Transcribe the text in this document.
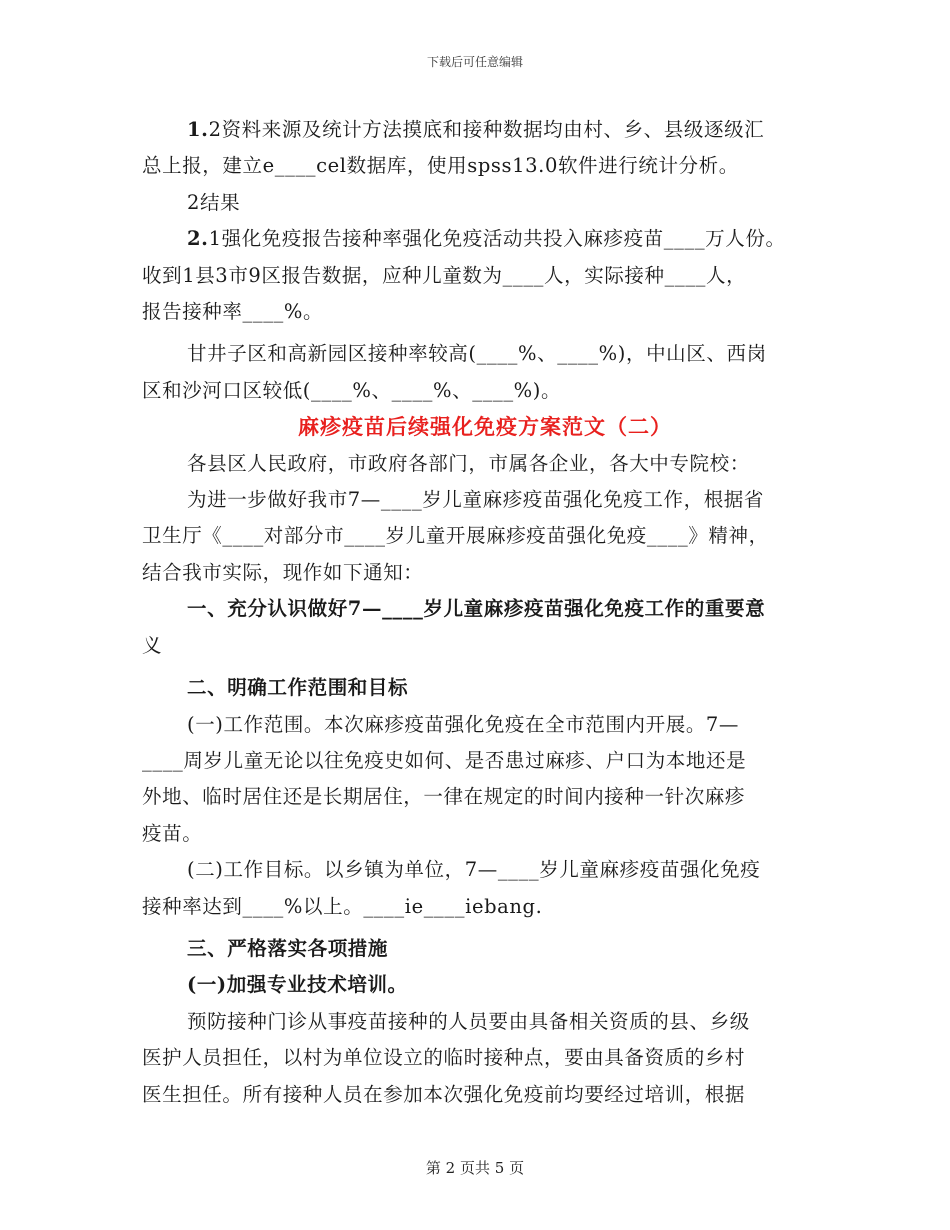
下载后可任意编辑

1.2资料来源及统计方法摸底和接种数据均由村、乡、县级逐级汇

总上报，建立e____cel数据库，使用spss13.0软件进行统计分析。

2结果

2.1强化免疫报告接种率强化免疫活动共投入麻疹疫苗____万人份。

收到1县3市9区报告数据，应种儿童数为____人，实际接种____人，

报告接种率____%。

甘井子区和高新园区接种率较高(____%、____%)，中山区、西岗

区和沙河口区较低(____%、____%、____%)。

麻疹疫苗后续强化免疫方案范文（二）

各县区人民政府，市政府各部门，市属各企业，各大中专院校：

为进一步做好我市7—____岁儿童麻疹疫苗强化免疫工作，根据省

卫生厅《____对部分市____岁儿童开展麻疹疫苗强化免疫____》精神，

结合我市实际，现作如下通知：

一、充分认识做好7—____岁儿童麻疹疫苗强化免疫工作的重要意

义

二、明确工作范围和目标

(一)工作范围。本次麻疹疫苗强化免疫在全市范围内开展。7—

____周岁儿童无论以往免疫史如何、是否患过麻疹、户口为本地还是

外地、临时居住还是长期居住，一律在规定的时间内接种一针次麻疹

疫苗。

(二)工作目标。以乡镇为单位，7—____岁儿童麻疹疫苗强化免疫

接种率达到____%以上。____ie____iebang.

三、严格落实各项措施

(一)加强专业技术培训。

预防接种门诊从事疫苗接种的人员要由具备相关资质的县、乡级

医护人员担任，以村为单位设立的临时接种点，要由具备资质的乡村

医生担任。所有接种人员在参加本次强化免疫前均要经过培训，根据

第 2 页共 5 页
